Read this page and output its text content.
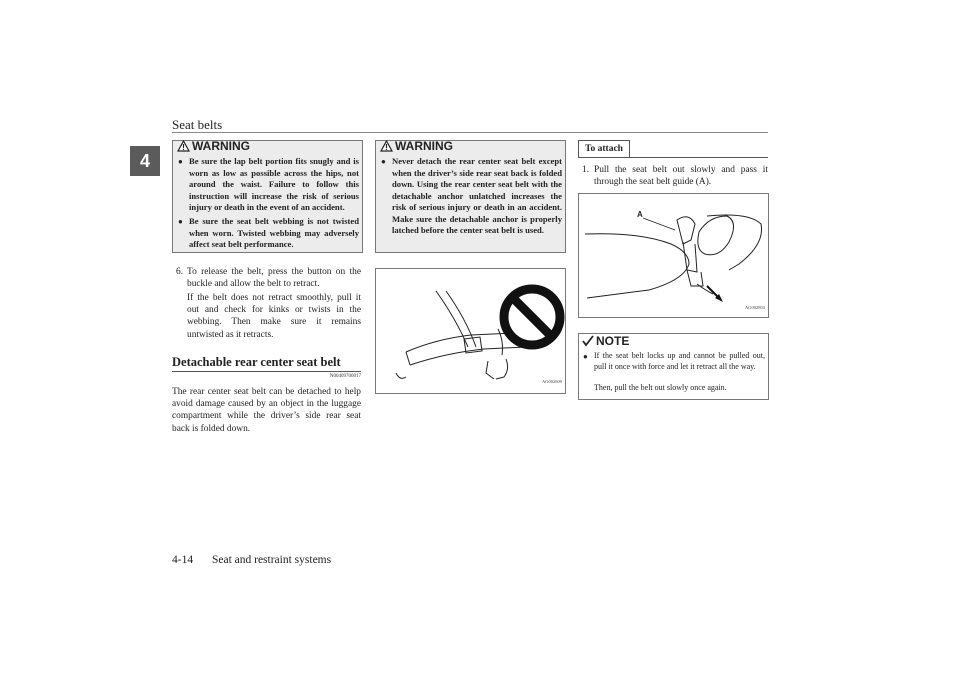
Seat belts
4
WARNING
● Be sure the lap belt portion fits snugly and is worn as low as possible across the hips, not around the waist. Failure to follow this instruction will increase the risk of serious injury or death in the event of an accident.
● Be sure the seat belt webbing is not twisted when worn. Twisted webbing may adversely affect seat belt performance.
6. To release the belt, press the button on the buckle and allow the belt to retract.
If the belt does not retract smoothly, pull it out and check for kinks or twists in the webbing. Then make sure it remains untwisted as it retracts.
Detachable rear center seat belt
N00409700017
The rear center seat belt can be detached to help avoid damage caused by an object in the luggage compartment while the driver’s side rear seat back is folded down.
WARNING
● Never detach the rear center seat belt except when the driver’s side rear seat back is folded down. Using the rear center seat belt with the detachable anchor unlatched increases the risk of serious injury or death in an accident. Make sure the detachable anchor is properly latched before the center seat belt is used.
AG002609
To attach
1. Pull the seat belt out slowly and pass it through the seat belt guide (A).
A
AG002803
NOTE
● If the seat belt locks up and cannot be pulled out, pull it once with force and let it retract all the way.
Then, pull the belt out slowly once again.
4-14 Seat and restraint systems
